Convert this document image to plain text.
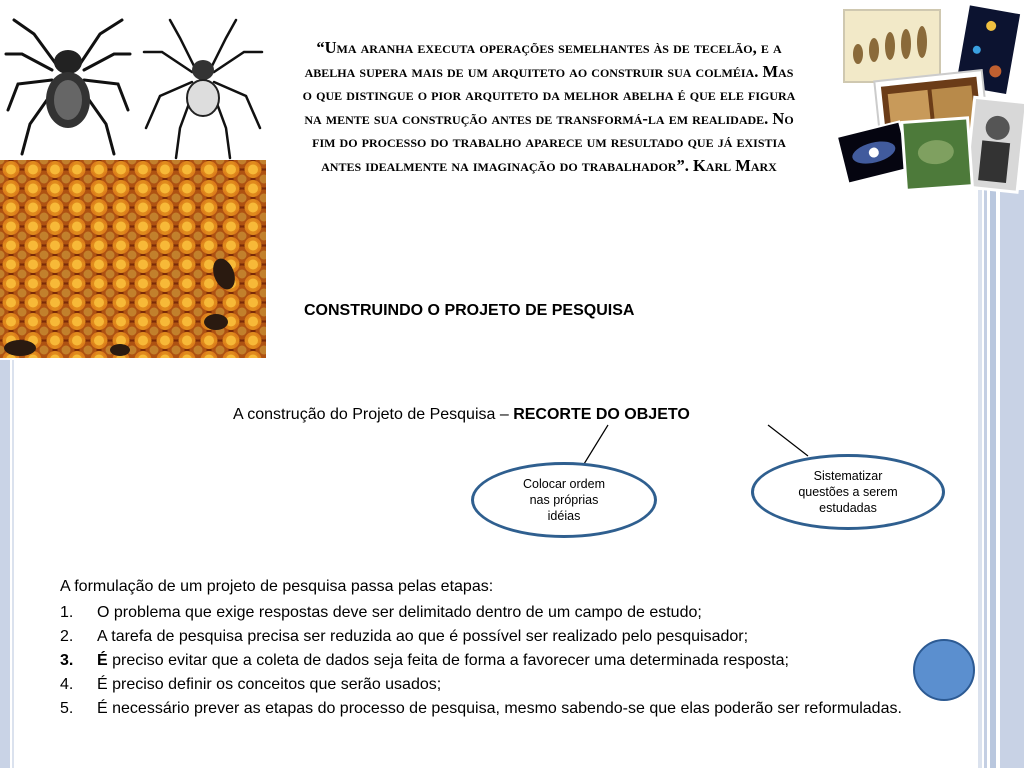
“Uma aranha executa operações semelhantes às de tecelão, e a abelha supera mais de um arquiteto ao construir sua colméia. Mas o que distingue o pior arquiteto da melhor abelha é que ele figura na mente sua construção antes de transformá-la em realidade. No fim do processo do trabalho aparece um resultado que já existia antes idealmente na imaginação do trabalhador”. Karl Marx
CONSTRUINDO O PROJETO DE PESQUISA
A construção do Projeto de Pesquisa – RECORTE DO OBJETO
Colocar ordem nas próprias idéias
Sistematizar questões a serem estudadas
A formulação de um projeto de pesquisa passa pelas etapas:
1. O problema que exige respostas deve ser delimitado dentro de um campo de estudo;
2. A tarefa de pesquisa precisa ser reduzida ao que é possível ser realizado pelo pesquisador;
3. É preciso evitar que a coleta de dados seja feita de forma a favorecer uma determinada resposta;
4. É preciso definir os conceitos que serão usados;
5. É necessário prever as etapas do processo de pesquisa, mesmo sabendo-se que elas poderão ser reformuladas.
